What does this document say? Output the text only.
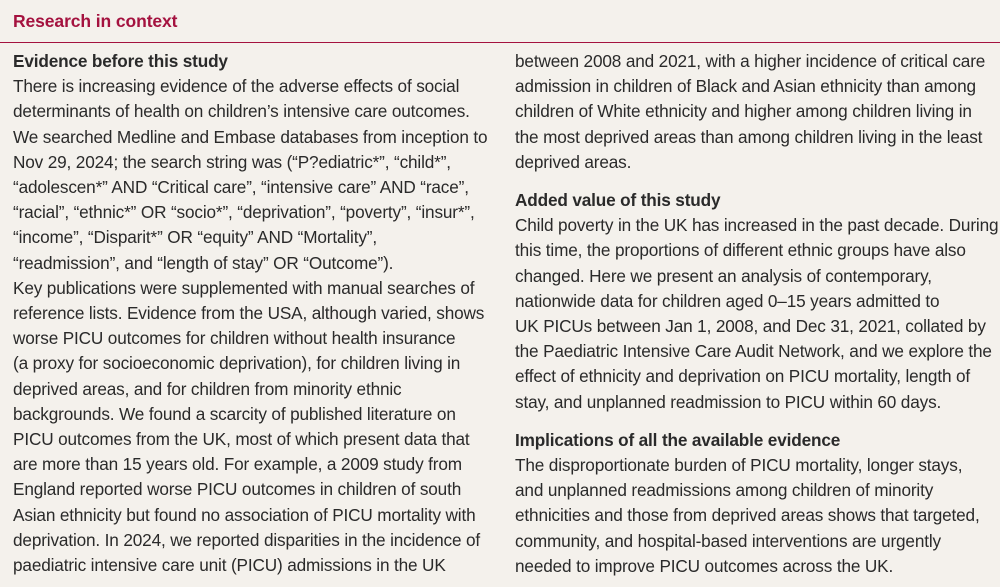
Research in context
Evidence before this study
There is increasing evidence of the adverse effects of social
determinants of health on children’s intensive care outcomes.
We searched Medline and Embase databases from inception to
Nov 29, 2024; the search string was (“P?ediatric*”, “child*”,
“adolescen*” AND “Critical care”, “intensive care” AND “race”,
“racial”, “ethnic*” OR “socio*”, “deprivation”, “poverty”, “insur*”,
“income”, “Disparit*” OR “equity” AND “Mortality”,
“readmission”, and “length of stay” OR “Outcome”).
Key publications were supplemented with manual searches of
reference lists. Evidence from the USA, although varied, shows
worse PICU outcomes for children without health insurance
(a proxy for socioeconomic deprivation), for children living in
deprived areas, and for children from minority ethnic
backgrounds. We found a scarcity of published literature on
PICU outcomes from the UK, most of which present data that
are more than 15 years old. For example, a 2009 study from
England reported worse PICU outcomes in children of south
Asian ethnicity but found no association of PICU mortality with
deprivation. In 2024, we reported disparities in the incidence of
paediatric intensive care unit (PICU) admissions in the UK
between 2008 and 2021, with a higher incidence of critical care
admission in children of Black and Asian ethnicity than among
children of White ethnicity and higher among children living in
the most deprived areas than among children living in the least
deprived areas.
Added value of this study
Child poverty in the UK has increased in the past decade. During
this time, the proportions of different ethnic groups have also
changed. Here we present an analysis of contemporary,
nationwide data for children aged 0–15 years admitted to
UK PICUs between Jan 1, 2008, and Dec 31, 2021, collated by
the Paediatric Intensive Care Audit Network, and we explore the
effect of ethnicity and deprivation on PICU mortality, length of
stay, and unplanned readmission to PICU within 60 days.
Implications of all the available evidence
The disproportionate burden of PICU mortality, longer stays,
and unplanned readmissions among children of minority
ethnicities and those from deprived areas shows that targeted,
community, and hospital-based interventions are urgently
needed to improve PICU outcomes across the UK.
